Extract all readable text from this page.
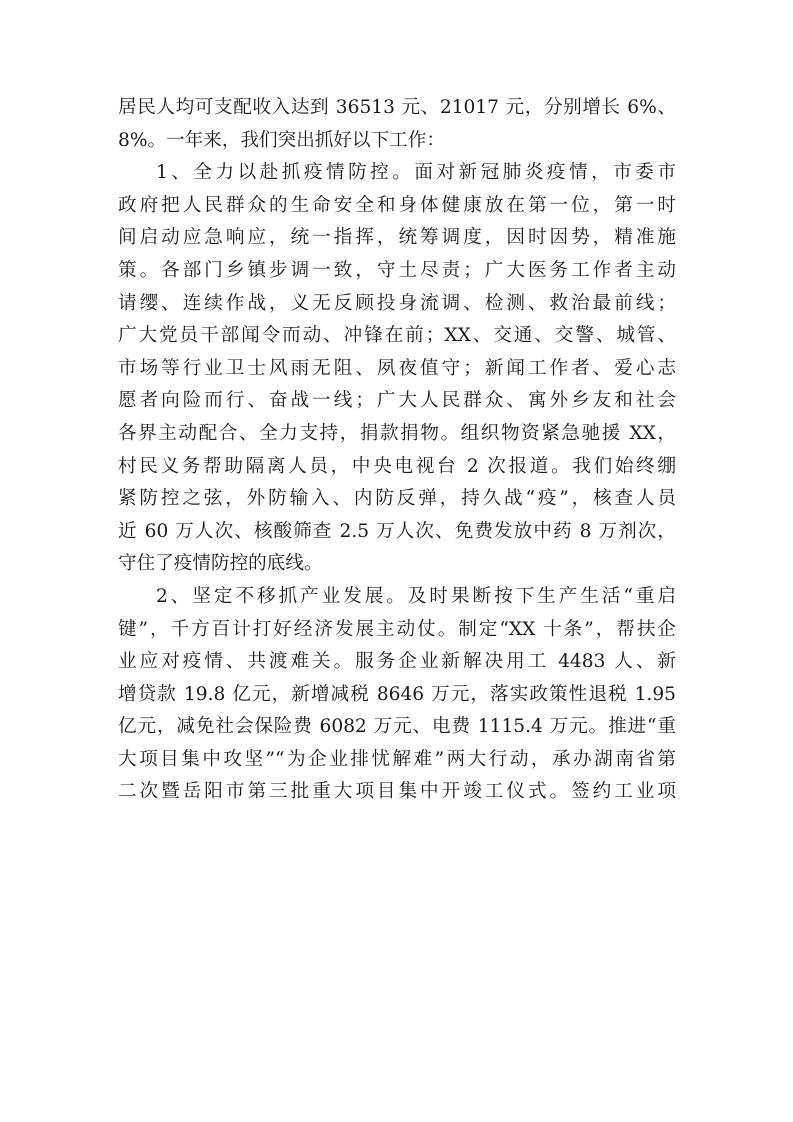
居民人均可支配收入达到 36513 元、21017 元，分别增长 6%、
8%。一年来，我们突出抓好以下工作：
1、全力以赴抓疫情防控。面对新冠肺炎疫情，市委市
政府把人民群众的生命安全和身体健康放在第一位，第一时
间启动应急响应，统一指挥，统筹调度，因时因势，精准施
策。各部门乡镇步调一致，守土尽责；广大医务工作者主动
请缨、连续作战，义无反顾投身流调、检测、救治最前线；
广大党员干部闻令而动、冲锋在前；XX、交通、交警、城管、
市场等行业卫士风雨无阻、夙夜值守；新闻工作者、爱心志
愿者向险而行、奋战一线；广大人民群众、寓外乡友和社会
各界主动配合、全力支持，捐款捐物。组织物资紧急驰援 XX，
村民义务帮助隔离人员，中央电视台 2 次报道。我们始终绷
紧防控之弦，外防输入、内防反弹，持久战“疫”，核查人员
近 60 万人次、核酸筛查 2.5 万人次、免费发放中药 8 万剂次，
守住了疫情防控的底线。
2、坚定不移抓产业发展。及时果断按下生产生活“重启
键”，千方百计打好经济发展主动仗。制定“XX 十条”，帮扶企
业应对疫情、共渡难关。服务企业新解决用工 4483 人、新
增贷款 19.8 亿元，新增减税 8646 万元，落实政策性退税 1.95
亿元，减免社会保险费 6082 万元、电费 1115.4 万元。推进“重
大项目集中攻坚”“为企业排忧解难”两大行动，承办湖南省第
二次暨岳阳市第三批重大项目集中开竣工仪式。签约工业项
